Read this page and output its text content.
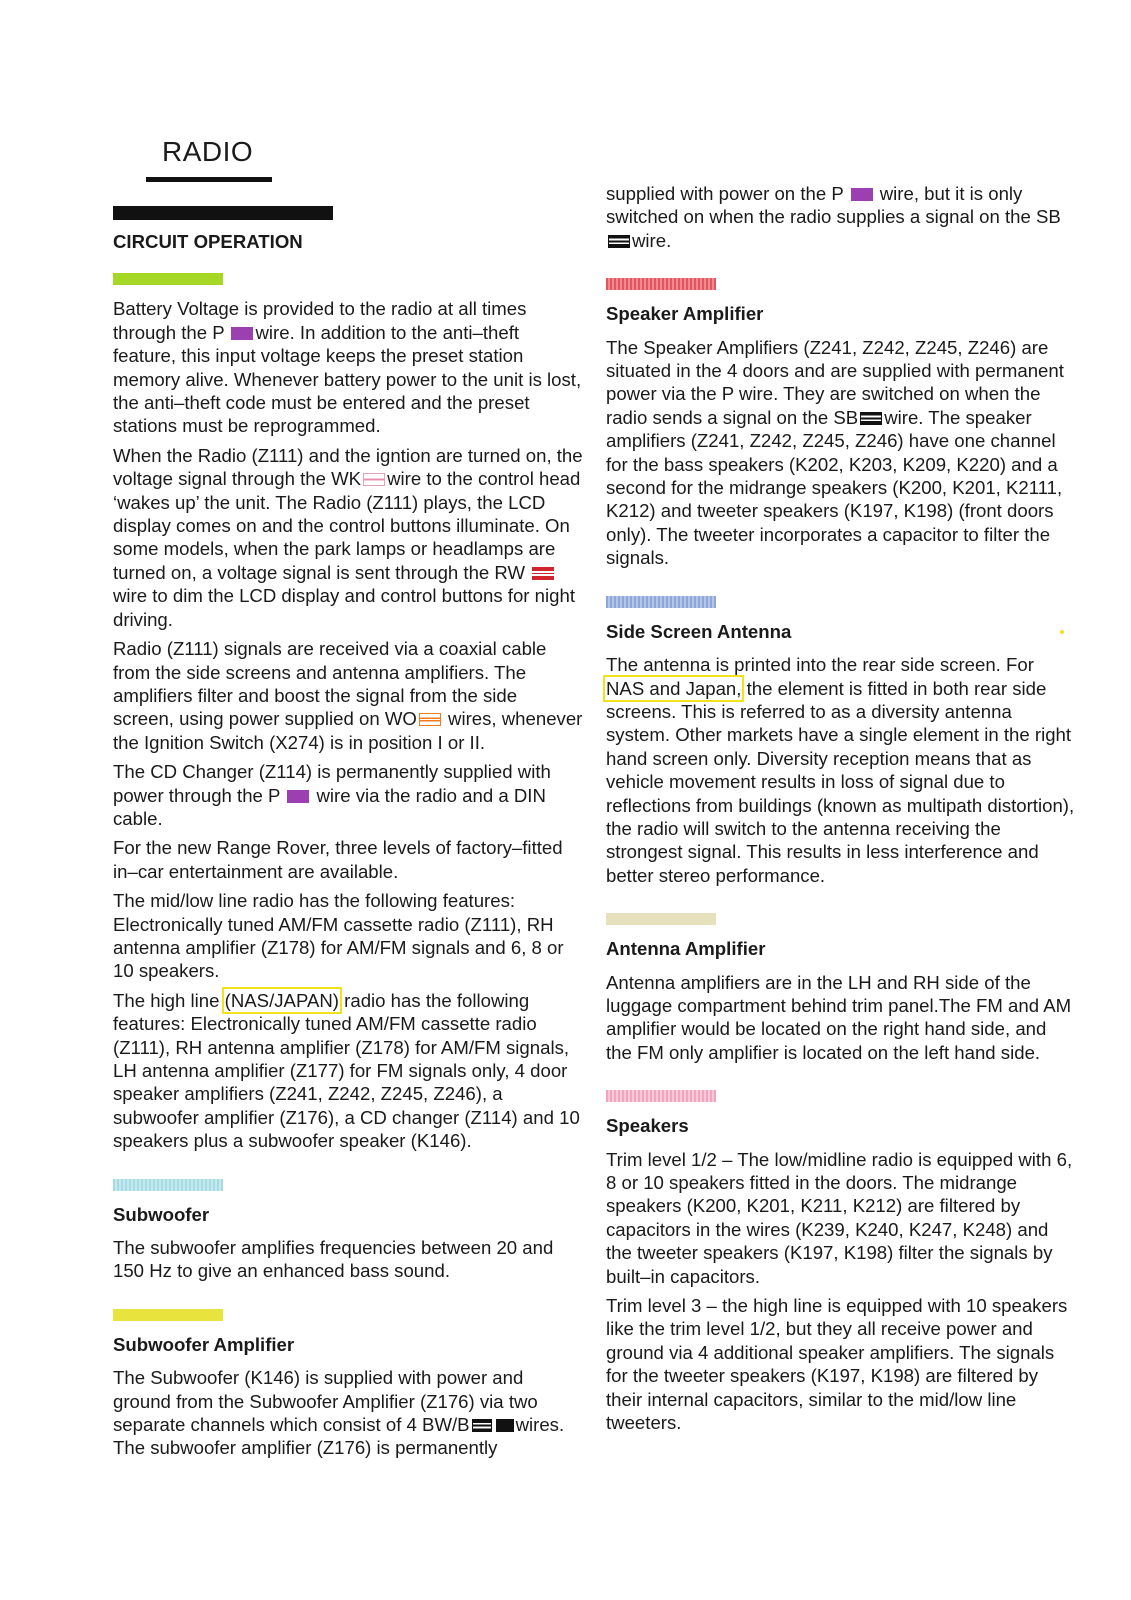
RADIO
CIRCUIT OPERATION

Battery Voltage is provided to the radio at all times through the P wire. In addition to the anti–theft feature, this input voltage keeps the preset station memory alive. Whenever battery power to the unit is lost, the anti–theft code must be entered and the preset stations must be reprogrammed.

When the Radio (Z111) and the igntion are turned on, the voltage signal through the WK wire to the control head ‘wakes up’ the unit. The Radio (Z111) plays, the LCD display comes on and the control buttons illuminate. On some models, when the park lamps or headlamps are turned on, a voltage signal is sent through the RW wire to dim the LCD display and control buttons for night driving.

Radio (Z111) signals are received via a coaxial cable from the side screens and antenna amplifiers. The amplifiers filter and boost the signal from the side screen, using power supplied on WO wires, whenever the Ignition Switch (X274) is in position I or II.

The CD Changer (Z114) is permanently supplied with power through the P wire via the radio and a DIN cable.

For the new Range Rover, three levels of factory–fitted in–car entertainment are available.

The mid/low line radio has the following features: Electronically tuned AM/FM cassette radio (Z111), RH antenna amplifier (Z178) for AM/FM signals and 6, 8 or 10 speakers.

The high line (NAS/JAPAN) radio has the following features: Electronically tuned AM/FM cassette radio (Z111), RH antenna amplifier (Z178) for AM/FM signals, LH antenna amplifier (Z177) for FM signals only, 4 door speaker amplifiers (Z241, Z242, Z245, Z246), a subwoofer amplifier (Z176), a CD changer (Z114) and 10 speakers plus a subwoofer speaker (K146).

Subwoofer

The subwoofer amplifies frequencies between 20 and 150 Hz to give an enhanced bass sound.

Subwoofer Amplifier

The Subwoofer (K146) is supplied with power and ground from the Subwoofer Amplifier (Z176) via two separate channels which consist of 4 BW/B wires. The subwoofer amplifier (Z176) is permanently

supplied with power on the P wire, but it is only switched on when the radio supplies a signal on the SB wire.

Speaker Amplifier

The Speaker Amplifiers (Z241, Z242, Z245, Z246) are situated in the 4 doors and are supplied with permanent power via the P wire. They are switched on when the radio sends a signal on the SB wire. The speaker amplifiers (Z241, Z242, Z245, Z246) have one channel for the bass speakers (K202, K203, K209, K220) and a second for the midrange speakers (K200, K201, K2111, K212) and tweeter speakers (K197, K198) (front doors only). The tweeter incorporates a capacitor to filter the signals.

Side Screen Antenna

The antenna is printed into the rear side screen. For NAS and Japan, the element is fitted in both rear side screens. This is referred to as a diversity antenna system. Other markets have a single element in the right hand screen only. Diversity reception means that as vehicle movement results in loss of signal due to reflections from buildings (known as multipath distortion), the radio will switch to the antenna receiving the strongest signal. This results in less interference and better stereo performance.

Antenna Amplifier

Antenna amplifiers are in the LH and RH side of the luggage compartment behind trim panel.The FM and AM amplifier would be located on the right hand side, and the FM only amplifier is located on the left hand side.

Speakers

Trim level 1/2 – The low/midline radio is equipped with 6, 8 or 10 speakers fitted in the doors. The midrange speakers (K200, K201, K211, K212) are filtered by capacitors in the wires (K239, K240, K247, K248) and the tweeter speakers (K197, K198) filter the signals by built–in capacitors.

Trim level 3 – the high line is equipped with 10 speakers like the trim level 1/2, but they all receive power and ground via 4 additional speaker amplifiers. The signals for the tweeter speakers (K197, K198) are filtered by their internal capacitors, similar to the mid/low line tweeters.
